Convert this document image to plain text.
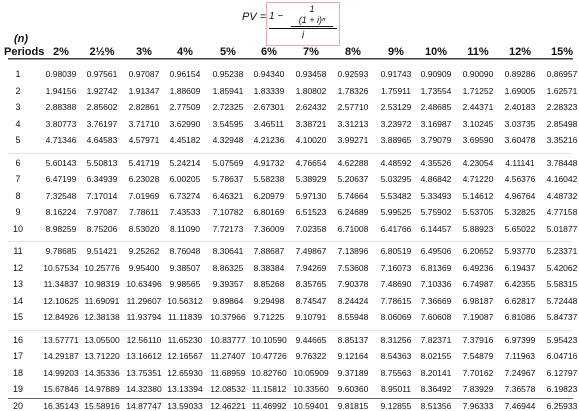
PV = 1 −
1
(1 + i)ⁿ
i
(n)
Periods 2%	2½%	3%	4%	5%	6%	7%	8%	9%	10%	11%	12%	15%
1	0.98039	0.97561	0.97087	0.96154	0.95238	0.94340	0.93458	0.92593	0.91743	0.90909	0.90090	0.89286	0.86957
2	1.94156	1.92742	1.91347	1.88609	1.85941	1.83339	1.80802	1.78326	1.75911	1.73554	1.71252	1.69005	1.62571
3	2.88388	2.85602	2.82861	2.77509	2.72325	2.67301	2.62432	2.57710	2.53129	2.48685	2.44371	2.40183	2.28323
4	3.80773	3.76197	3.71710	3.62990	3.54595	3.46511	3.38721	3.31213	3.23972	3.16987	3.10245	3.03735	2.85498
5	4.71346	4.64583	4.57971	4.45182	4.32948	4.21236	4.10020	3.99271	3.88965	3.79079	3.69590	3.60478	3.35216
6	5.60143	5.50813	5.41719	5.24214	5.07569	4.91732	4.76654	4.62288	4.48592	4.35526	4.23054	4.11141	3.78448
7	6.47199	6.34939	6.23028	6.00205	5.78637	5.58238	5.38929	5.20637	5.03295	4.86842	4.71220	4.56376	4.16042
8	7.32548	7.17014	7.01969	6.73274	6.46321	6.20979	5.97130	5.74664	5.53482	5.33493	5.14612	4.96764	4.48732
9	8.16224	7.97087	7.78611	7.43533	7.10782	6.80169	6.51523	6.24689	5.99525	5.75902	5.53705	5.32825	4.77158
10	8.98259	8.75206	8.53020	8.11090	7.72173	7.36009	7.02358	6.71008	6.41766	6.14457	5.88923	5.65022	5.01877
11	9.78685	9.51421	9.25262	8.76048	8.30641	7.88687	7.49867	7.13896	6.80519	6.49506	6.20652	5.93770	5.23371
12	10.57534 10.25776	9.95400	9.38507	8.86325	8.38384	7.94269	7.53608	7.16073	6.81369	6.49236	6.19437	5.42062
13	11.34837 10.98319 10.63496 9.98565	9.39357	8.85268	8.35765	7.90378	7.48690	7.10336	6.74987	6.42355	5.58315
14	12.10625 11.69091 11.29607 10.56312	9.89864	9.29498	8.74547	8.24424	7.78615	7.36669	6.98187	6.62817	5.72448
15	12.84926 12.38138 11.93794 11.11839 10.37966 9.71225	9.10791	8.55948	8.06069	7.60608	7.19087	6.81086	5.84737
16	13.57771 13.05500 12.56110 11.65230 10.83777 10.10590	9.44665	8.85137	8.31256	7.82371	7.37916	6.97399	5.95423
17	14.29187 13.71220 13.16612 12.16567 11.27407 10.47726	9.76322	9.12164	8.54363	8.02155	7.54879	7.11963	6.04716
18	14.99203 14.35336 13.75351 12.65930 11.68959 10.82760 10.05909	9.37189	8.75563	8.20141	7.70162	7.24967	6.12797
19	15.67846 14.97889 14.32380 13.13394 12.08532 11.15812 10.33560	9.60360	8.95011	8.36492	7.83929	7.36578	6.19823
20	16.35143 15.58916 14.87747 13.59033 12.46221 11.46992 10.59401	9.81815	9.12855	8.51356	7.96333	7.46944	6.25933
